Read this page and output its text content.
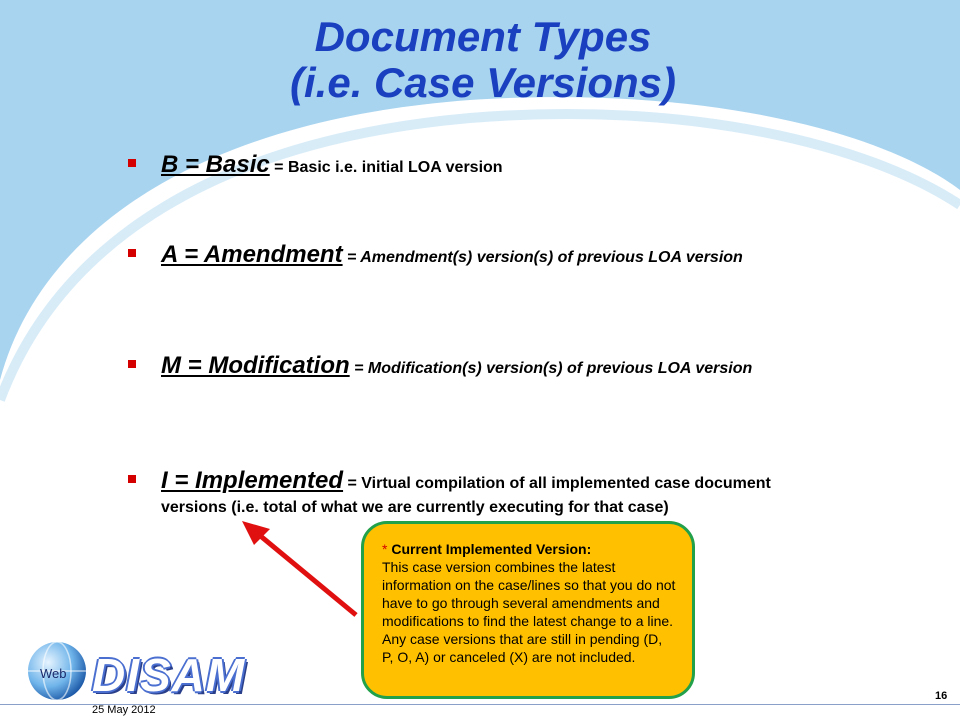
Document Types
(i.e. Case Versions)
B = Basic = Basic i.e. initial LOA version
A = Amendment = Amendment(s) version(s) of previous LOA version
M = Modification = Modification(s) version(s) of previous LOA version
I = Implemented = Virtual compilation of all implemented case document versions (i.e. total of what we are currently executing for that case)
* Current Implemented Version:
This case version combines the latest information on the case/lines so that you do not have to go through several amendments and modifications to find the latest change to a line. Any case versions that are still in pending (D, P, O, A) or canceled (X) are not included.
Web DISAM
25 May 2012
16
